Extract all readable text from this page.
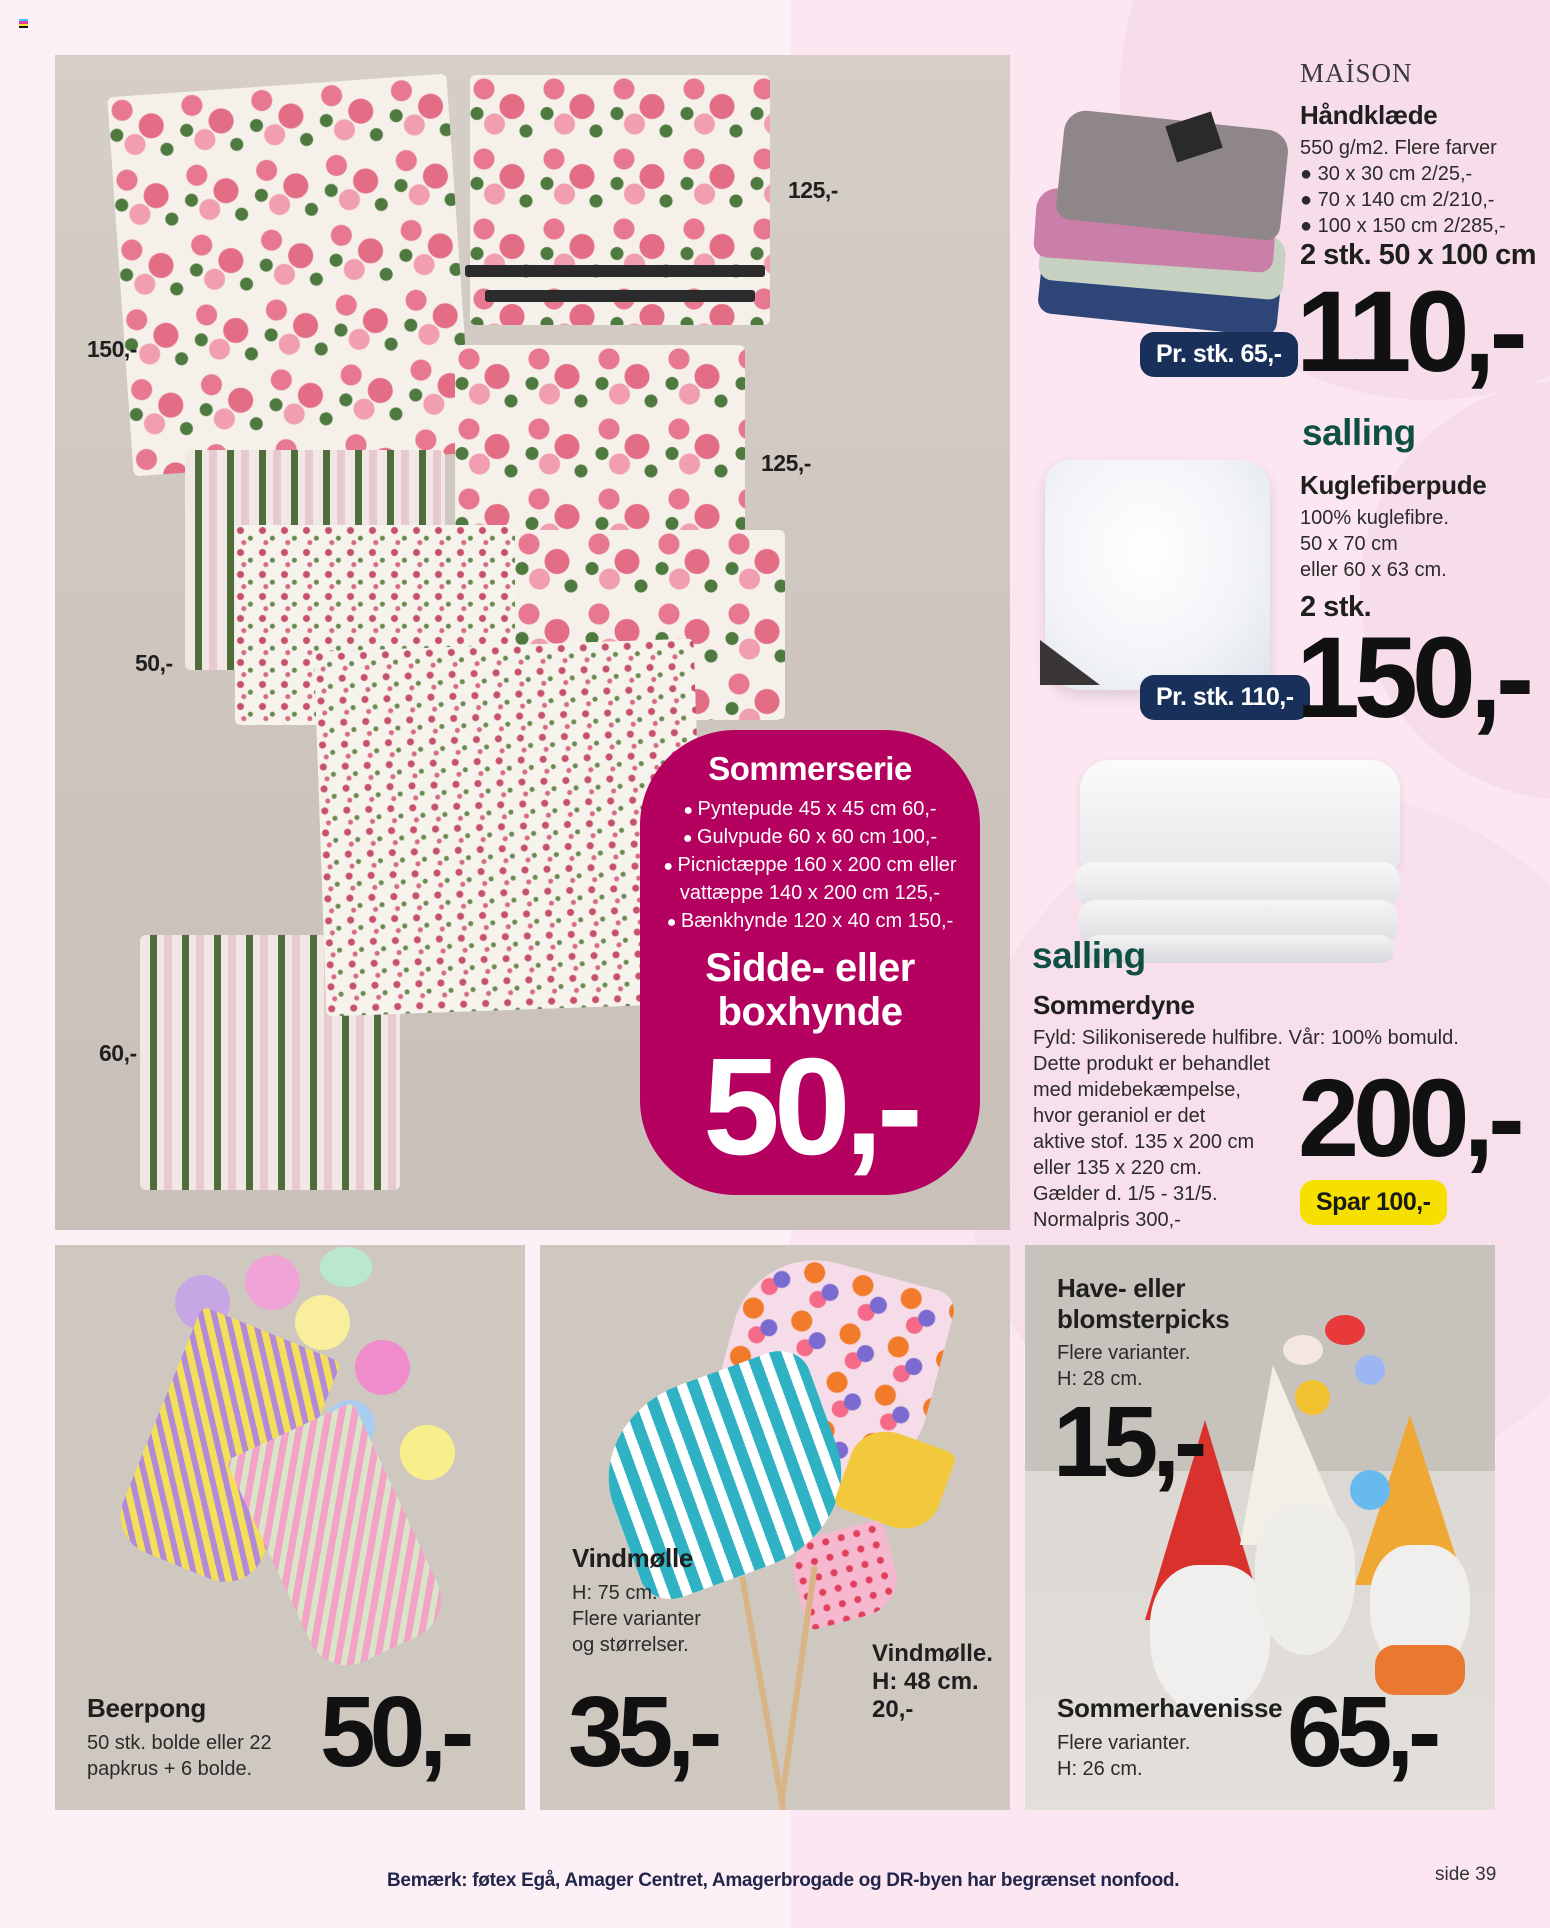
150,-
125,-
125,-
50,-
60,-
Sommerserie
● Pyntepude 45 x 45 cm 60,-
● Gulvpude 60 x 60 cm 100,-
● Picnictæppe 160 x 200 cm eller
vattæppe 140 x 200 cm 125,-
● Bænkhynde 120 x 40 cm 150,-
Sidde- eller
boxhynde
50,-
MAİSON
Håndklæde
550 g/m2. Flere farver
● 30 x 30 cm 2/25,-
● 70 x 140 cm 2/210,-
● 100 x 150 cm 2/285,-
2 stk. 50 x 100 cm
Pr. stk. 65,- 110,-
salling
Kuglefiberpude
100% kuglefibre.
50 x 70 cm
eller 60 x 63 cm.
2 stk.
Pr. stk. 110,- 150,-
salling
Sommerdyne
Fyld: Silikoniserede hulfibre. Vår: 100% bomuld.
Dette produkt er behandlet
med midebekæmpelse,
hvor geraniol er det
aktive stof. 135 x 200 cm
eller 135 x 220 cm.
Gælder d. 1/5 - 31/5.
Normalpris 300,-
200,-
Spar 100,-
Beerpong
50 stk. bolde eller 22
papkrus + 6 bolde. 50,-
Vindmølle
H: 75 cm.
Flere varianter
og størrelser.
35,-
Vindmølle.
H: 48 cm.
20,-
Have- eller
blomsterpicks
Flere varianter.
H: 28 cm.
15,-
Sommerhavenisse
Flere varianter.
H: 26 cm.	65,-
Bemærk: føtex Egå, Amager Centret, Amagerbrogade og DR-byen har begrænset nonfood.	side 39
